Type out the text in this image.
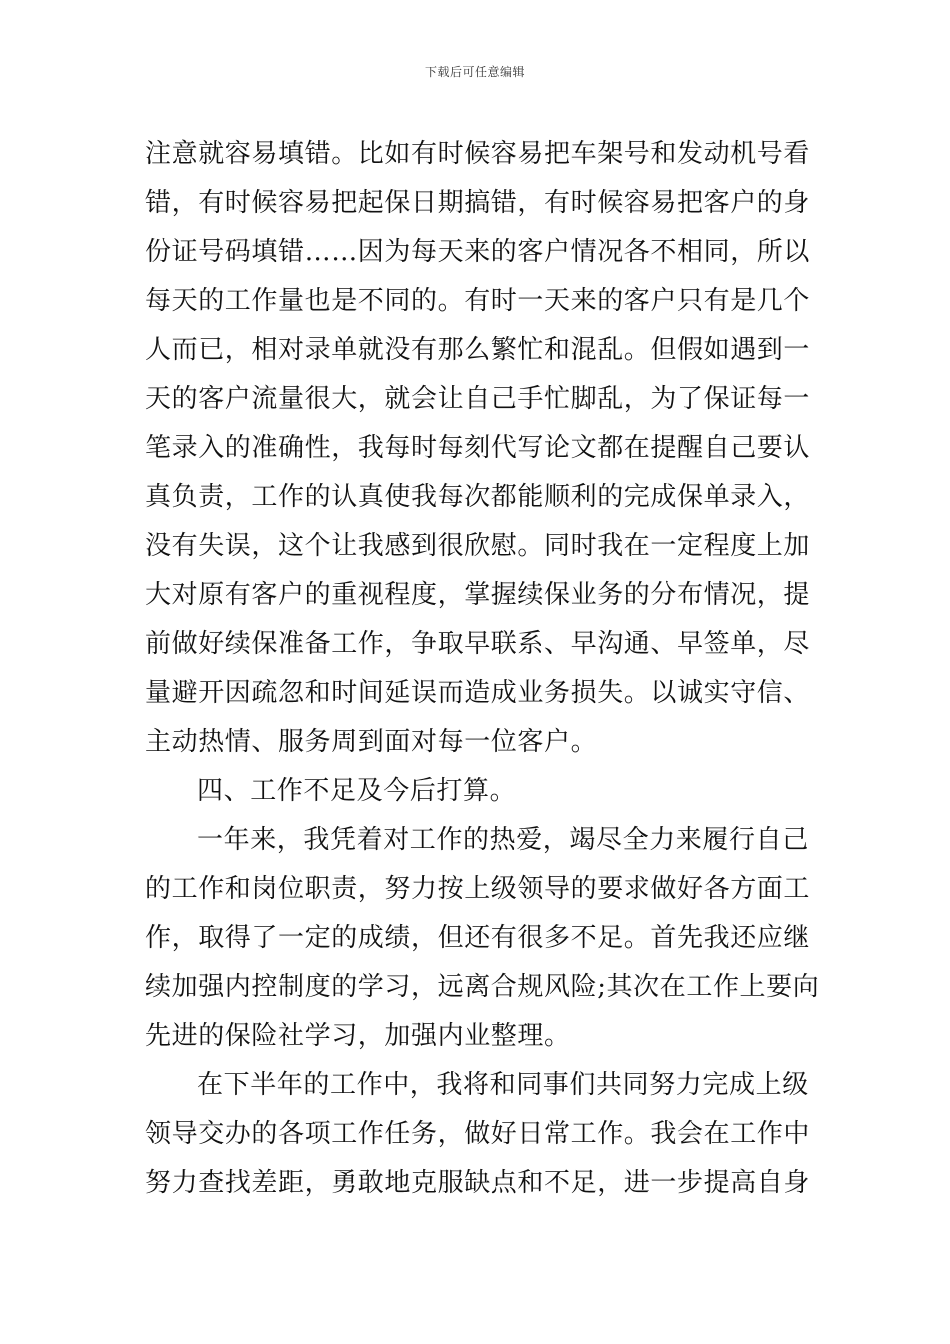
下载后可任意编辑
注意就容易填错。比如有时候容易把车架号和发动机号看
错，有时候容易把起保日期搞错，有时候容易把客户的身
份证号码填错……因为每天来的客户情况各不相同，所以
每天的工作量也是不同的。有时一天来的客户只有是几个
人而已，相对录单就没有那么繁忙和混乱。但假如遇到一
天的客户流量很大，就会让自己手忙脚乱，为了保证每一
笔录入的准确性，我每时每刻代写论文都在提醒自己要认
真负责，工作的认真使我每次都能顺利的完成保单录入，
没有失误，这个让我感到很欣慰。同时我在一定程度上加
大对原有客户的重视程度，掌握续保业务的分布情况，提
前做好续保准备工作，争取早联系、早沟通、早签单，尽
量避开因疏忽和时间延误而造成业务损失。以诚实守信、
主动热情、服务周到面对每一位客户。
四、工作不足及今后打算。
一年来，我凭着对工作的热爱，竭尽全力来履行自己
的工作和岗位职责，努力按上级领导的要求做好各方面工
作，取得了一定的成绩，但还有很多不足。首先我还应继
续加强内控制度的学习，远离合规风险;其次在工作上要向
先进的保险社学习，加强内业整理。
在下半年的工作中，我将和同事们共同努力完成上级
领导交办的各项工作任务，做好日常工作。我会在工作中
努力查找差距，勇敢地克服缺点和不足，进一步提高自身
